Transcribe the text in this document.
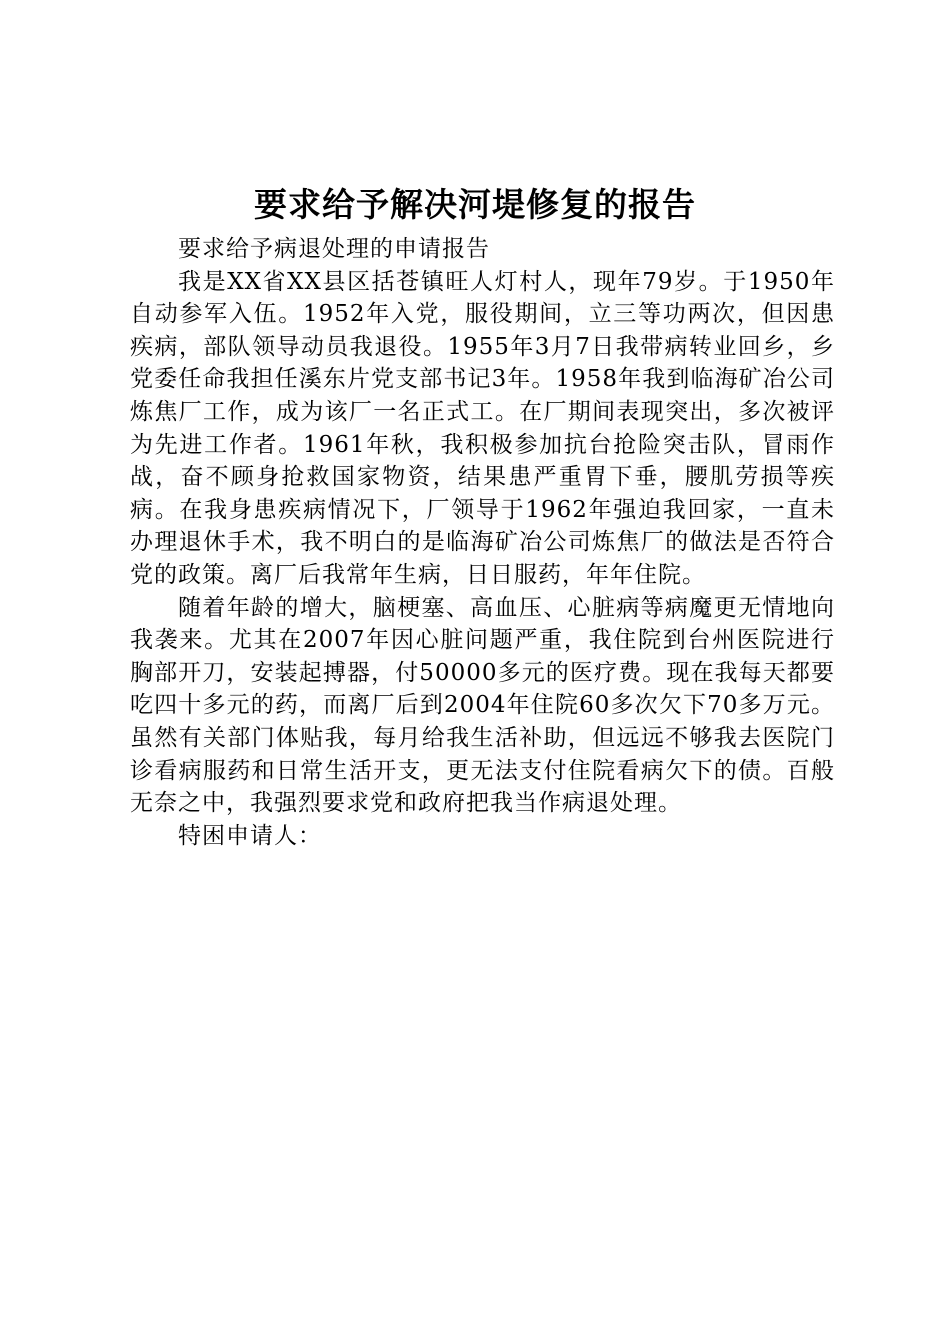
要求给予解决河堤修复的报告

要求给予病退处理的申请报告

我是XX省XX县区括苍镇旺人灯村人，现年79岁。于1950年自动参军入伍。1952年入党，服役期间，立三等功两次，但因患疾病，部队领导动员我退役。1955年3月7日我带病转业回乡，乡党委任命我担任溪东片党支部书记3年。1958年我到临海矿冶公司炼焦厂工作，成为该厂一名正式工。在厂期间表现突出，多次被评为先进工作者。1961年秋，我积极参加抗台抢险突击队，冒雨作战，奋不顾身抢救国家物资，结果患严重胃下垂，腰肌劳损等疾病。在我身患疾病情况下，厂领导于1962年强迫我回家，一直未办理退休手术，我不明白的是临海矿冶公司炼焦厂的做法是否符合党的政策。离厂后我常年生病，日日服药，年年住院。

随着年龄的增大，脑梗塞、高血压、心脏病等病魔更无情地向我袭来。尤其在2007年因心脏问题严重，我住院到台州医院进行胸部开刀，安装起搏器，付50000多元的医疗费。现在我每天都要吃四十多元的药，而离厂后到2004年住院60多次欠下70多万元。虽然有关部门体贴我，每月给我生活补助，但远远不够我去医院门诊看病服药和日常生活开支，更无法支付住院看病欠下的债。百般无奈之中，我强烈要求党和政府把我当作病退处理。

特困申请人：
